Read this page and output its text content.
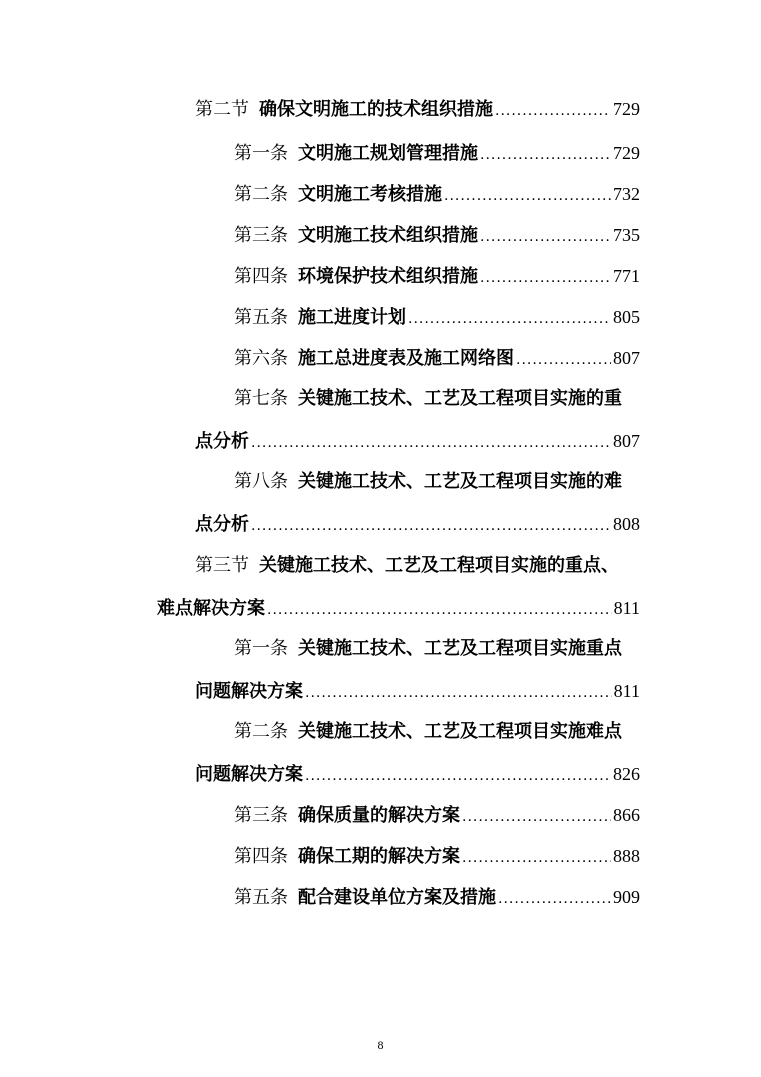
第二节 确保文明施工的技术组织措施 .....	729
第一条 文明施工规划管理措施 .....	729
第二条 文明施工考核措施 .....	732
第三条 文明施工技术组织措施 .....	735
第四条 环境保护技术组织措施 .....	771
第五条 施工进度计划 .....	805
第六条 施工总进度表及施工网络图 .....	807
第七条 关键施工技术、工艺及工程项目实施的重
点分析 .....	807
第八条 关键施工技术、工艺及工程项目实施的难
点分析 .....	808
第三节 关键施工技术、工艺及工程项目实施的重点、
难点解决方案 .....	811
第一条 关键施工技术、工艺及工程项目实施重点
问题解决方案 .....	811
第二条 关键施工技术、工艺及工程项目实施难点
问题解决方案 .....	826
第三条 确保质量的解决方案 .....	866
第四条 确保工期的解决方案 .....	888
第五条 配合建设单位方案及措施 .....	909
8
